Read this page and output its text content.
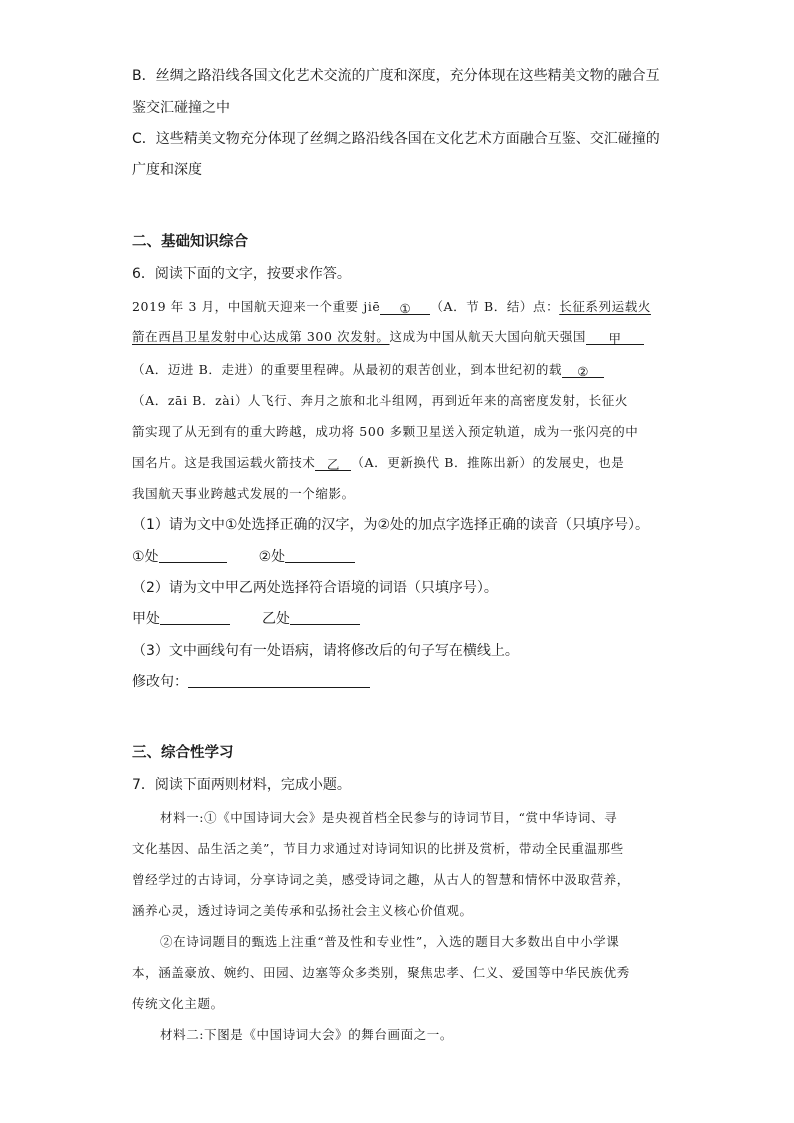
B．丝绸之路沿线各国文化艺术交流的广度和深度，充分体现在这些精美文物的融合互
鉴交汇碰撞之中
C．这些精美文物充分体现了丝绸之路沿线各国在文化艺术方面融合互鉴、交汇碰撞的
广度和深度
二、基础知识综合
6．阅读下面的文字，按要求作答。
2019 年 3 月，中国航天迎来一个重要 jiē ① （A．节 B．结）点：长征系列运载火
箭在西昌卫星发射中心达成第 300 次发射。这成为中国从航天大国向航天强国 甲
（A．迈进 B．走进）的重要里程碑。从最初的艰苦创业，到本世纪初的载 ②
（A．zāi B．zài）人飞行、奔月之旅和北斗组网，再到近年来的高密度发射，长征火
箭实现了从无到有的重大跨越，成功将 500 多颗卫星送入预定轨道，成为一张闪亮的中
国名片。这是我国运载火箭技术 乙 （A．更新换代 B．推陈出新）的发展史，也是
我国航天事业跨越式发展的一个缩影。
（1）请为文中①处选择正确的汉字，为②处的加点字选择正确的读音（只填序号）。
①处	②处
（2）请为文中甲乙两处选择符合语境的词语（只填序号）。
甲处	乙处
（3）文中画线句有一处语病，请将修改后的句子写在横线上。
修改句：
三、综合性学习
7．阅读下面两则材料，完成小题。
材料一:①《中国诗词大会》是央视首档全民参与的诗词节目，“赏中华诗词、寻
文化基因、品生活之美”，节目力求通过对诗词知识的比拼及赏析，带动全民重温那些
曾经学过的古诗词，分享诗词之美，感受诗词之趣，从古人的智慧和情怀中汲取营养，
涵养心灵，透过诗词之美传承和弘扬社会主义核心价值观。
②在诗词题目的甄选上注重“普及性和专业性”，入选的题目大多数出自中小学课
本，涵盖豪放、婉约、田园、边塞等众多类别，聚焦忠孝、仁义、爱国等中华民族优秀
传统文化主题。
材料二:下图是《中国诗词大会》的舞台画面之一。
